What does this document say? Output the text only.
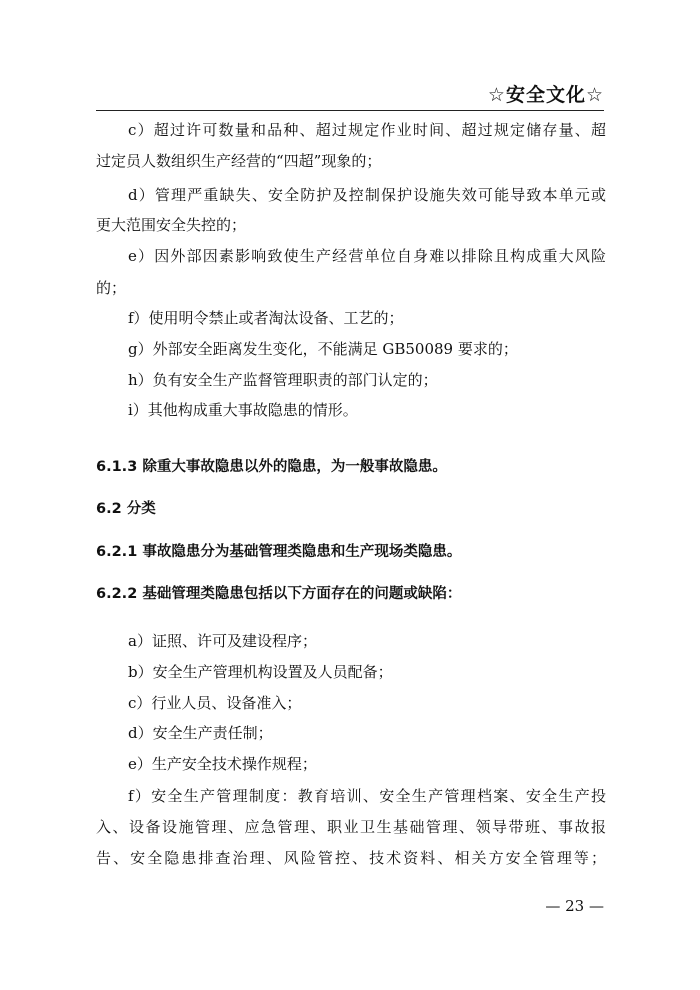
☆安全文化☆
c）超过许可数量和品种、超过规定作业时间、超过规定储存量、超
过定员人数组织生产经营的“四超”现象的；
d）管理严重缺失、安全防护及控制保护设施失效可能导致本单元或
更大范围安全失控的；
e）因外部因素影响致使生产经营单位自身难以排除且构成重大风险
的；
f）使用明令禁止或者淘汰设备、工艺的；
g）外部安全距离发生变化，不能满足 GB50089 要求的；
h）负有安全生产监督管理职责的部门认定的；
i）其他构成重大事故隐患的情形。
6.1.3 除重大事故隐患以外的隐患，为一般事故隐患。
6.2 分类
6.2.1 事故隐患分为基础管理类隐患和生产现场类隐患。
6.2.2 基础管理类隐患包括以下方面存在的问题或缺陷：
a）证照、许可及建设程序；
b）安全生产管理机构设置及人员配备；
c）行业人员、设备准入；
d）安全生产责任制；
e）生产安全技术操作规程；
f）安全生产管理制度：教育培训、安全生产管理档案、安全生产投
入、设备设施管理、应急管理、职业卫生基础管理、领导带班、事故报
告、安全隐患排查治理、风险管控、技术资料、相关方安全管理等；
— 23 —
